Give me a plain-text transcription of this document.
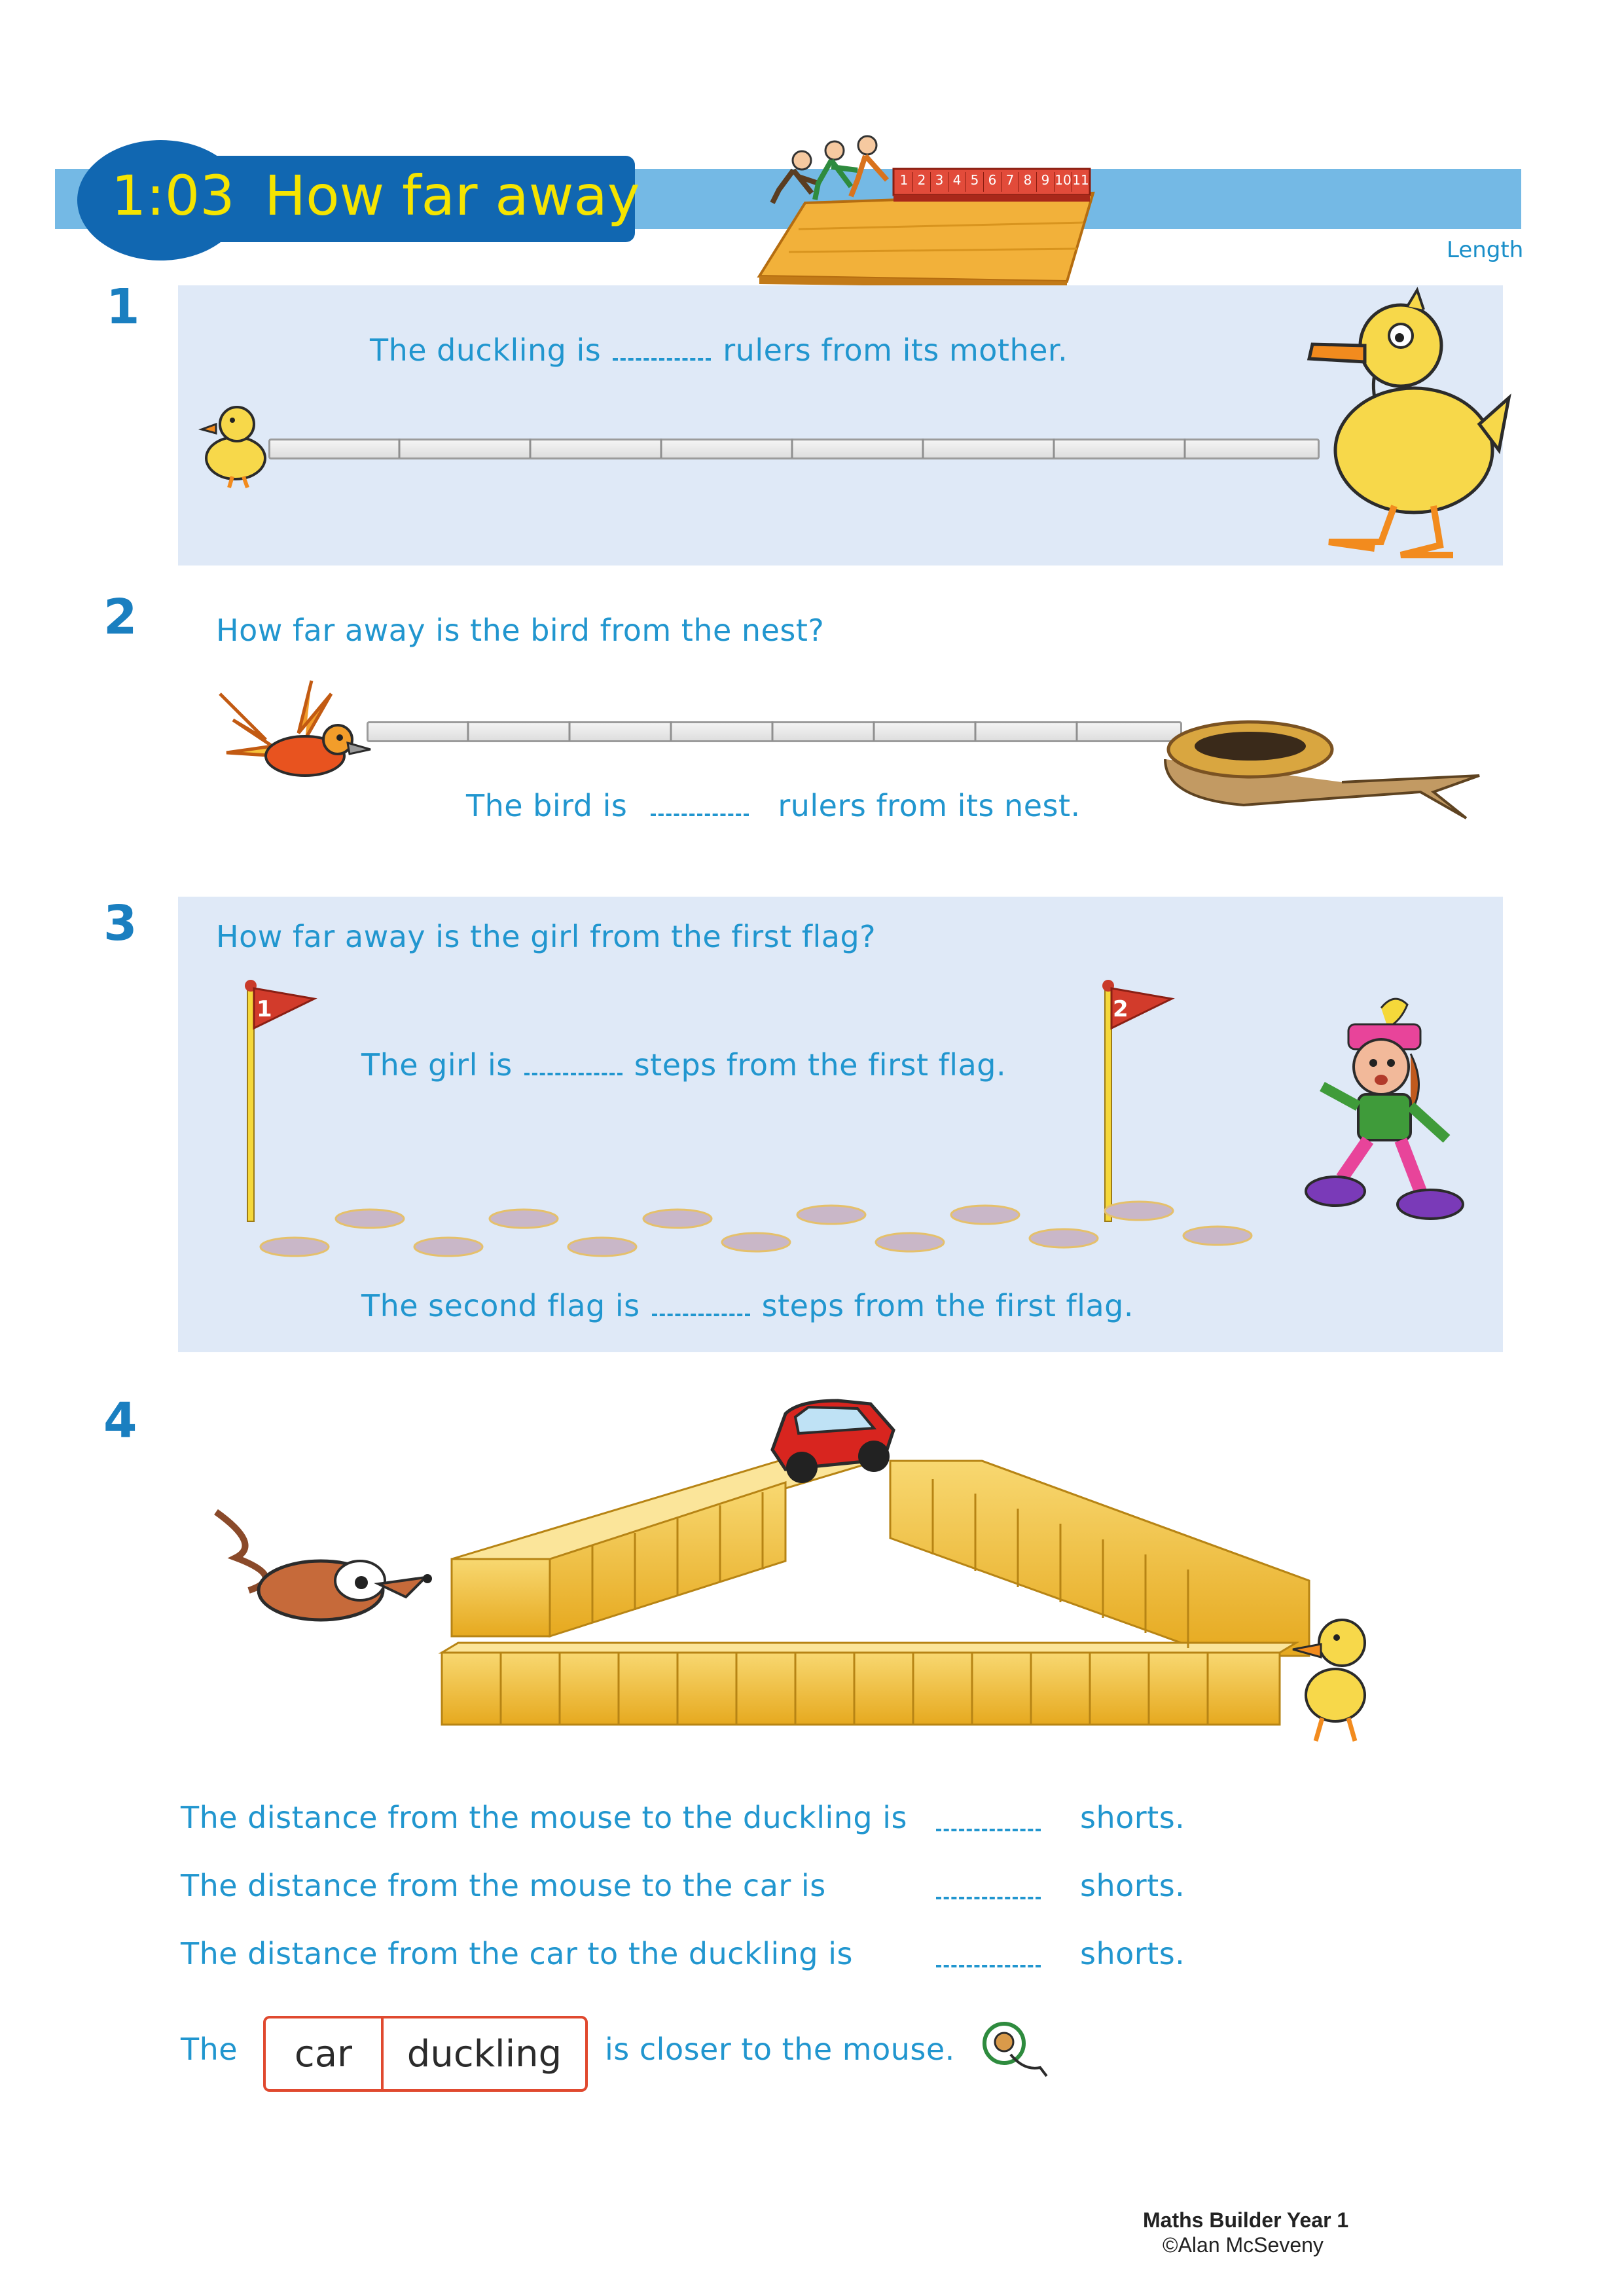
1:03 How far away	1 2 3 4 5 6 7 8 9 10 11
Length
1
The duckling is	rulers from its mother.
2	How far away is the bird from the nest?
The bird is	rulers from its nest.
3	How far away is the girl from the first flag?
1	2
The girl is	steps from the first flag.
The second flag is	steps from the first flag.
4
The distance from the mouse to the duckling is	shorts.
The distance from the mouse to the car is	shorts.
The distance from the car to the duckling is	shorts.
The	car	duckling	is closer to the mouse.
Maths Builder Year 1
©Alan McSeveny
